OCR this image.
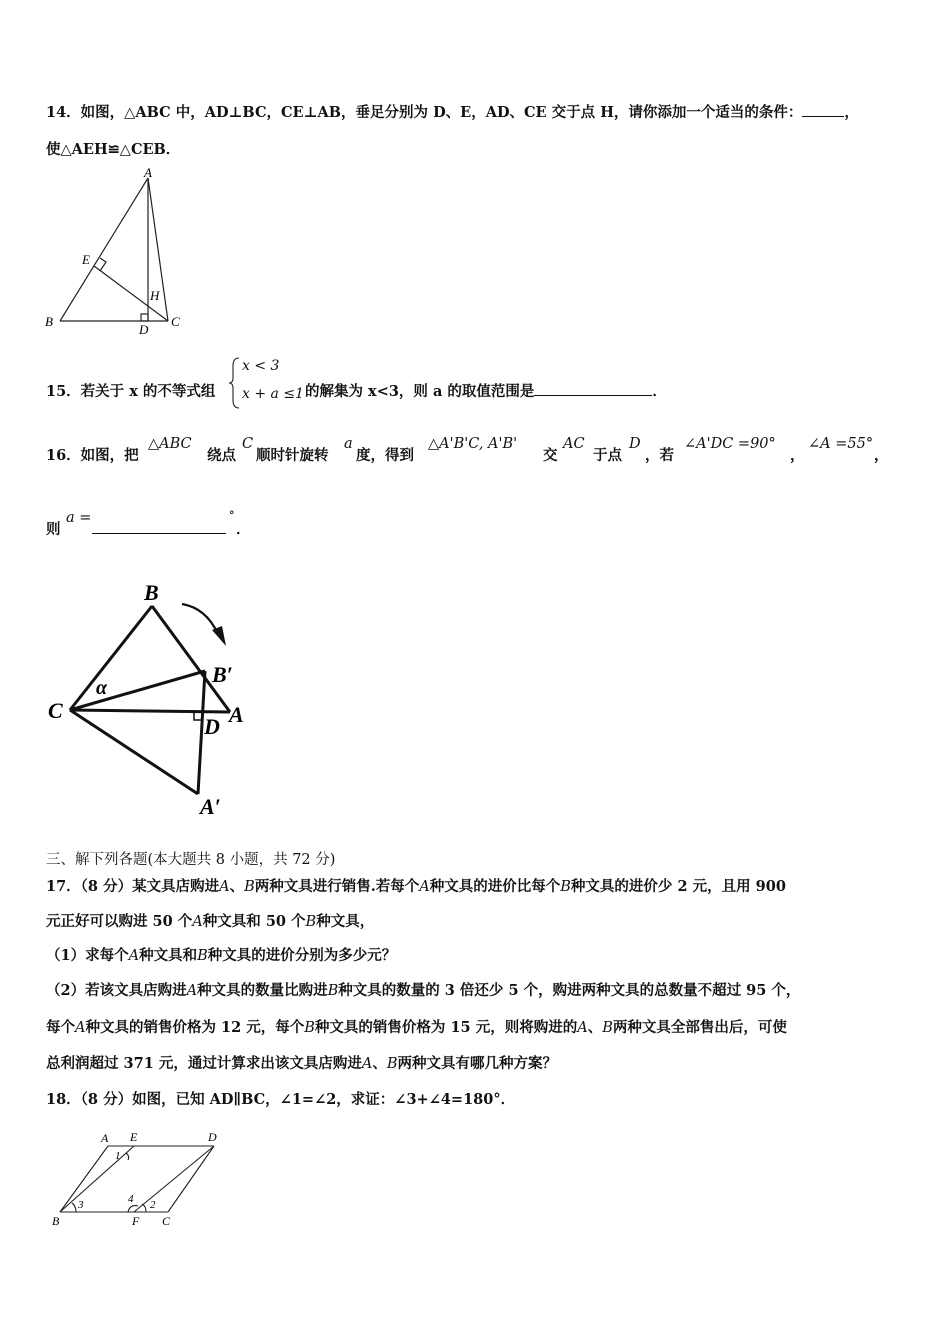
14．如图，△ABC 中，AD⊥BC，CE⊥AB，垂足分别为 D、E，AD、CE 交于点 H，请你添加一个适当的条件：	，
使△AEH≌△CEB．
A
B	C
D
E
H
15．若关于 x 的不等式组
x < 3
x + a ≤1 的解集为 x<3，则 a 的取值范围是	．
16．如图，把
△ABC
绕点
C
顺时针旋转
a
度，得到
△A'B'C, A'B'
交
AC
于点
D
，若
∠A'DC =90°
，
∠A =55°
，
则
a =	°
．
B
B′
C
D A
A′
α
三、解下列各题(本大题共 8 小题，共 72 分)
17．（8 分）某文具店购进A、B两种文具进行销售.若每个A种文具的进价比每个B种文具的进价少 2 元，且用 900
元正好可以购进 50 个A种文具和 50 个B种文具，
（1）求每个A种文具和B种文具的进价分别为多少元？
（2）若该文具店购进A种文具的数量比购进B种文具的数量的 3 倍还少 5 个，购进两种文具的总数量不超过 95 个，
每个A种文具的销售价格为 12 元，每个B种文具的销售价格为 15 元，则将购进的A、B两种文具全部售出后，可使
总利润超过 371 元，通过计算求出该文具店购进A、B两种文具有哪几种方案？
18．（8 分）如图，已知 AD∥BC，∠1=∠2，求证：∠3+∠4=180°．
A E	D
B	F C
1
2
3	4
